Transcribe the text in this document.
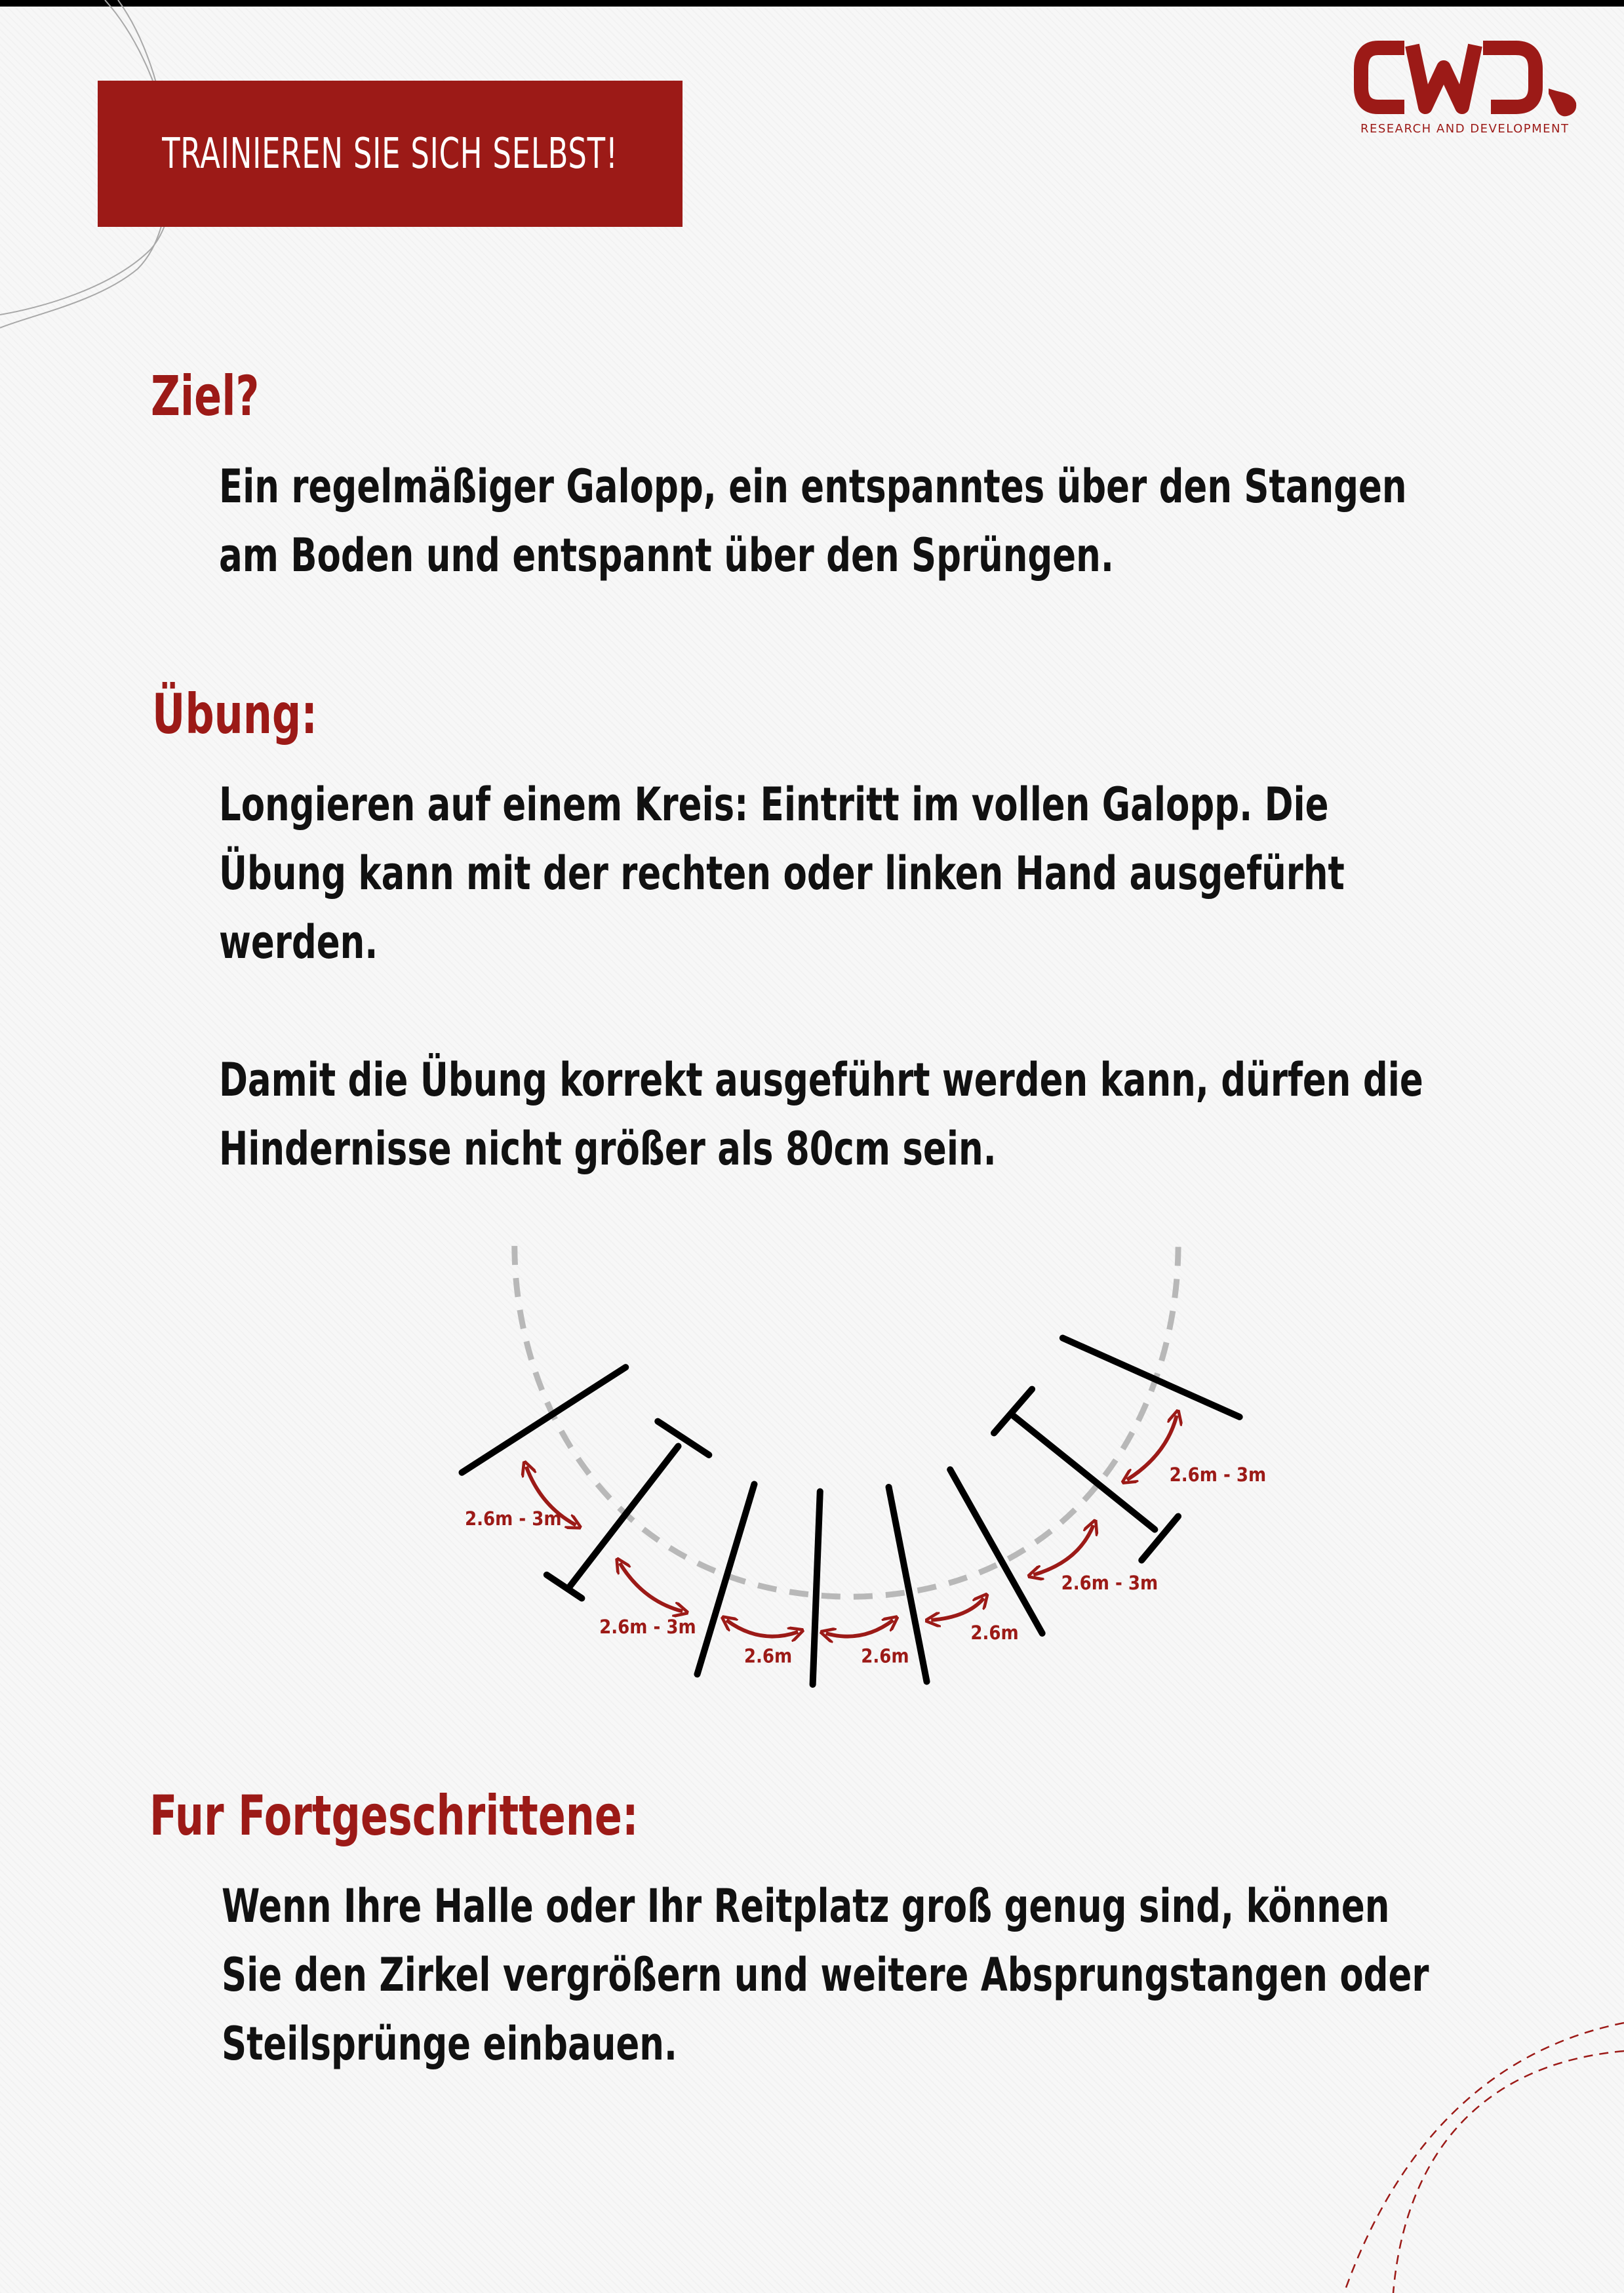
TRAINIEREN SIE SICH SELBST!
RESEARCH AND DEVELOPMENT
Ziel?
Ein regelmäßiger Galopp, ein entspanntes über den Stangen
am Boden und entspannt über den Sprüngen.
Übung:
Longieren auf einem Kreis: Eintritt im vollen Galopp. Die
Übung kann mit der rechten oder linken Hand ausgefürht
werden.
Damit die Übung korrekt ausgeführt werden kann, dürfen die
Hindernisse nicht größer als 80cm sein.
2.6m - 3m
2.6m - 3m
2.6m	2.6m
2.6m
2.6m - 3m
2.6m - 3m
Fur Fortgeschrittene:
Wenn Ihre Halle oder Ihr Reitplatz groß genug sind, können
Sie den Zirkel vergrößern und weitere Absprungstangen oder
Steilsprünge einbauen.
